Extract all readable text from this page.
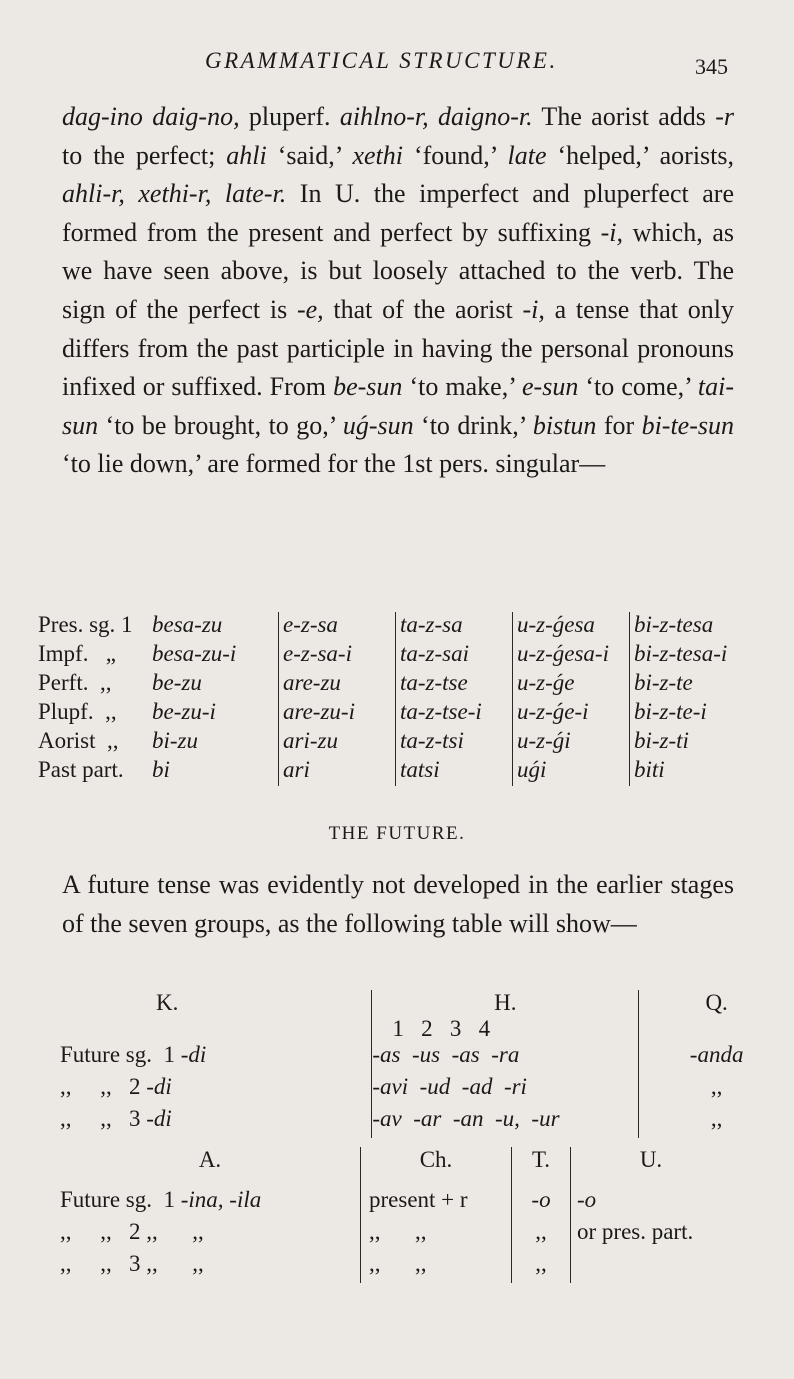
GRAMMATICAL STRUCTURE.	345

dag-ino daig-no, pluperf. aihlno-r, daigno-r. The aorist adds -r to the perfect; ahli ‘said,’ xethi ‘found,’ late ‘helped,’ aorists, ahli-r, xethi-r, late-r. In U. the imperfect and pluperfect are formed from the present and perfect by suffixing -i, which, as we have seen above, is but loosely attached to the verb. The sign of the perfect is -e, that of the aorist -i, a tense that only differs from the past participle in having the personal pronouns infixed or suffixed. From be-sun ‘to make,’ e-sun ‘to come,’ tai-sun ‘to be brought, to go,’ uǵ-sun ‘to drink,’ bistun for bi-te-sun ‘to lie down,’ are formed for the 1st pers. singular—

Pres. sg. 1	besa-zu	e-z-sa	ta-z-sa	u-z-ǵesa	bi-z-tesa
Impf.   „	besa-zu-i	e-z-sa-i	ta-z-sai	u-z-ǵesa-i	bi-z-tesa-i
Perft.  ,,	be-zu	are-zu	ta-z-tse	u-z-ǵe	bi-z-te
Plupf.  ,,	be-zu-i	are-zu-i	ta-z-tse-i	u-z-ǵe-i	bi-z-te-i
Aorist  ,,	bi-zu	ari-zu	ta-z-tsi	u-z-ǵi	bi-z-ti
Past part.	bi	ari	tatsi	uǵi	biti
THE FUTURE.

A future tense was evidently not developed in the earlier stages of the seven groups, as the following table will show—

K.	H.	Q.
	1   2   3   4	
Future sg.  1 -di	-as  -us  -as  -ra	-anda
,,     ,,   2 -di	-avi  -ud  -ad  -ri	,,
,,     ,,   3 -di	-av  -ar  -an  -u,  -ur	,,
A.	Ch.	T.	U.

Future sg.  1 -ina, -ila	present + r	-o	-o
,,     ,,   2 ,,      ,,	,,      ,,	,,	or pres. part.
,,     ,,   3 ,,      ,,	,,      ,,	,,	
